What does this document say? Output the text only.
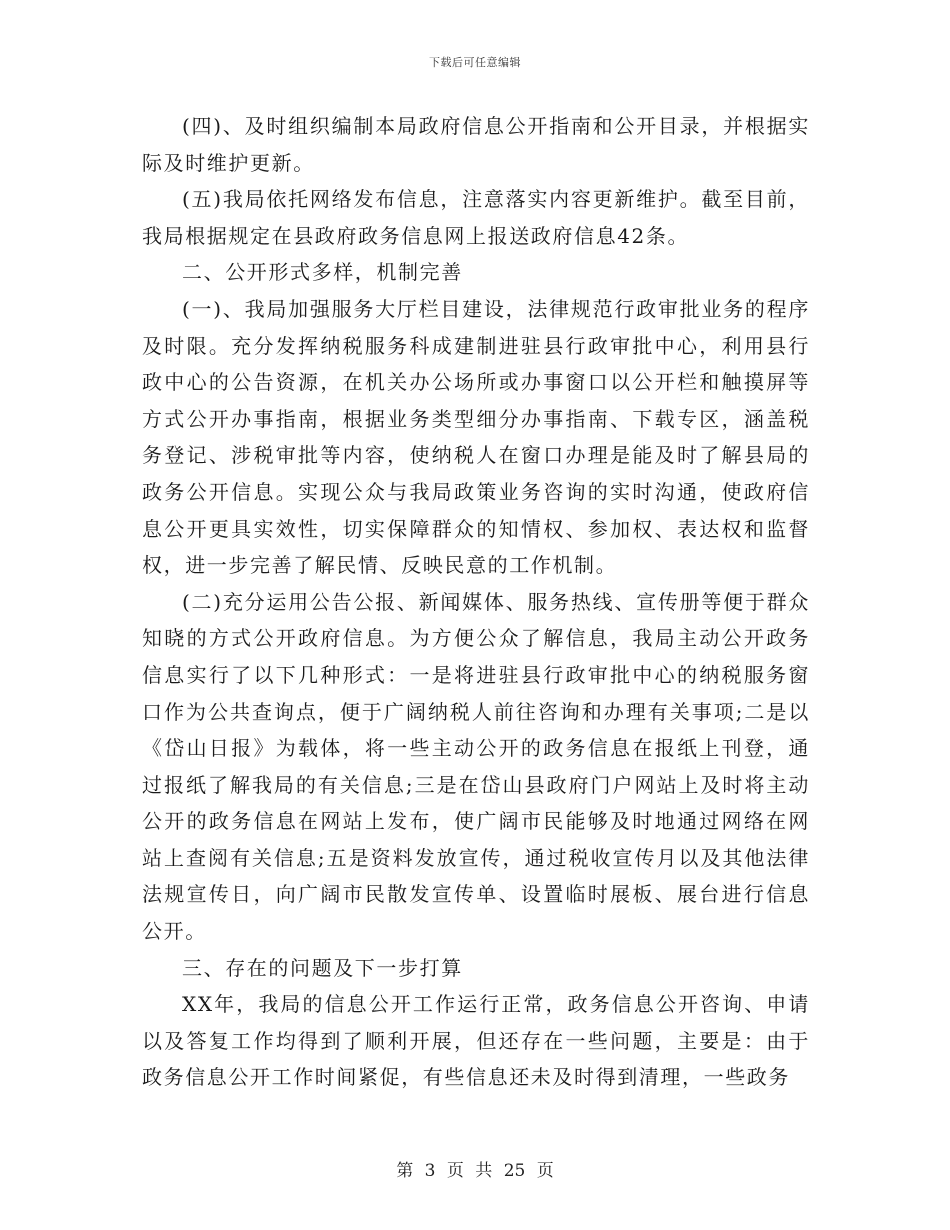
下载后可任意编辑

(四)、及时组织编制本局政府信息公开指南和公开目录，并根据实际及时维护更新。

(五)我局依托网络发布信息，注意落实内容更新维护。截至目前，我局根据规定在县政府政务信息网上报送政府信息42条。

二、公开形式多样，机制完善

(一)、我局加强服务大厅栏目建设，法律规范行政审批业务的程序及时限。充分发挥纳税服务科成建制进驻县行政审批中心，利用县行政中心的公告资源，在机关办公场所或办事窗口以公开栏和触摸屏等方式公开办事指南，根据业务类型细分办事指南、下载专区，涵盖税务登记、涉税审批等内容，使纳税人在窗口办理是能及时了解县局的政务公开信息。实现公众与我局政策业务咨询的实时沟通，使政府信息公开更具实效性，切实保障群众的知情权、参加权、表达权和监督权，进一步完善了解民情、反映民意的工作机制。

(二)充分运用公告公报、新闻媒体、服务热线、宣传册等便于群众知晓的方式公开政府信息。为方便公众了解信息，我局主动公开政务信息实行了以下几种形式：一是将进驻县行政审批中心的纳税服务窗口作为公共查询点，便于广阔纳税人前往咨询和办理有关事项;二是以《岱山日报》为载体，将一些主动公开的政务信息在报纸上刊登，通过报纸了解我局的有关信息;三是在岱山县政府门户网站上及时将主动公开的政务信息在网站上发布，使广阔市民能够及时地通过网络在网站上查阅有关信息;五是资料发放宣传，通过税收宣传月以及其他法律法规宣传日，向广阔市民散发宣传单、设置临时展板、展台进行信息公开。

三、存在的问题及下一步打算

XX年，我局的信息公开工作运行正常，政务信息公开咨询、申请以及答复工作均得到了顺利开展，但还存在一些问题，主要是：由于政务信息公开工作时间紧促，有些信息还未及时得到清理，一些政务

第 3 页 共 25 页
